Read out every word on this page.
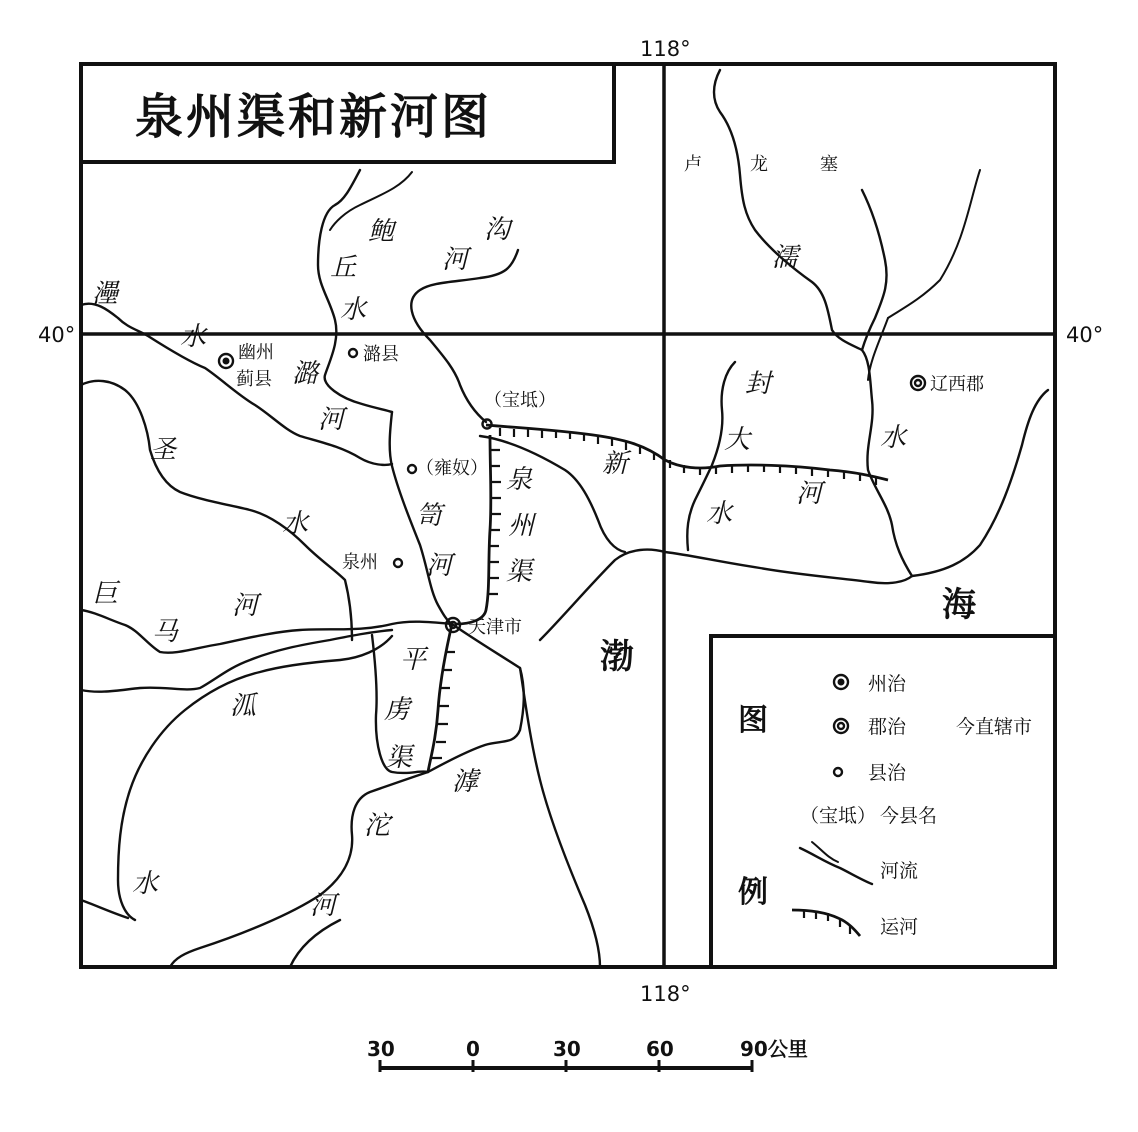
泉州渠和新河图
118°
118°
40°	40°
灅
水
鲍
丘
水
沟
河
潞
河
卢	龙	塞
濡
封
大
水
新
河
水
圣
水	笥
河
泉
州
渠
巨
马
河
泒
水
平
虏
渠
滹
沱
河
幽州
蓟县
潞县
（宝坻）
（雍奴）
泉州
天津市
辽西郡
渤
海
图
例
州治
郡治	今直辖市
县治
（宝坻） 今县名
河流
运河
30	0	30	60	90公里
